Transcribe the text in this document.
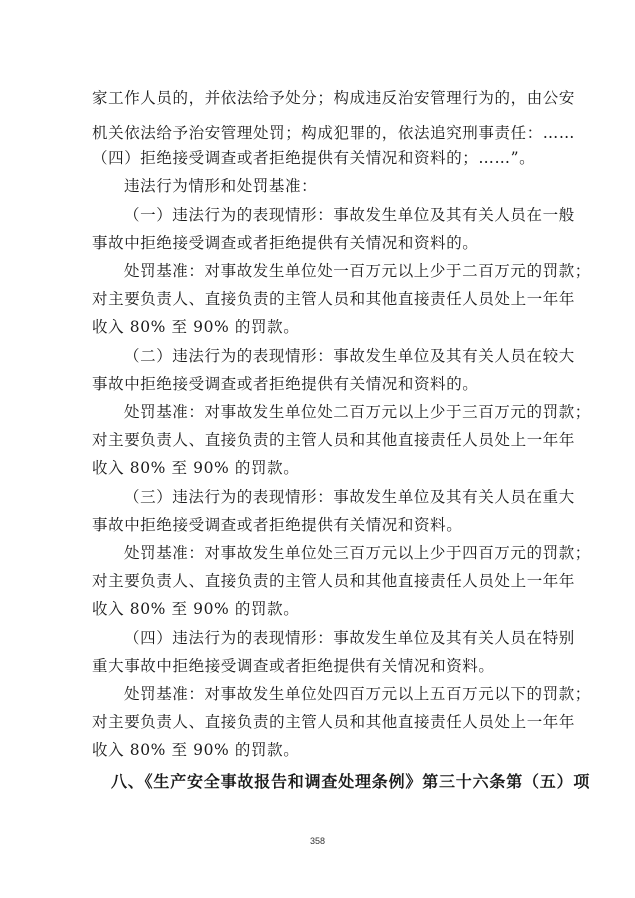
家工作人员的，并依法给予处分；构成违反治安管理行为的，由公安
机关依法给予治安管理处罚；构成犯罪的，依法追究刑事责任：……
（四）拒绝接受调查或者拒绝提供有关情况和资料的；……”。
违法行为情形和处罚基准：
（一）违法行为的表现情形：事故发生单位及其有关人员在一般
事故中拒绝接受调查或者拒绝提供有关情况和资料的。
处罚基准：对事故发生单位处一百万元以上少于二百万元的罚款；
对主要负责人、直接负责的主管人员和其他直接责任人员处上一年年
收入 80% 至 90% 的罚款。
（二）违法行为的表现情形：事故发生单位及其有关人员在较大
事故中拒绝接受调查或者拒绝提供有关情况和资料的。
处罚基准：对事故发生单位处二百万元以上少于三百万元的罚款；
对主要负责人、直接负责的主管人员和其他直接责任人员处上一年年
收入 80% 至 90% 的罚款。
（三）违法行为的表现情形：事故发生单位及其有关人员在重大
事故中拒绝接受调查或者拒绝提供有关情况和资料。
处罚基准：对事故发生单位处三百万元以上少于四百万元的罚款；
对主要负责人、直接负责的主管人员和其他直接责任人员处上一年年
收入 80% 至 90% 的罚款。
（四）违法行为的表现情形：事故发生单位及其有关人员在特别
重大事故中拒绝接受调查或者拒绝提供有关情况和资料。
处罚基准：对事故发生单位处四百万元以上五百万元以下的罚款；
对主要负责人、直接负责的主管人员和其他直接责任人员处上一年年
收入 80% 至 90% 的罚款。
八、《生产安全事故报告和调查处理条例》第三十六条第（五）项
358
